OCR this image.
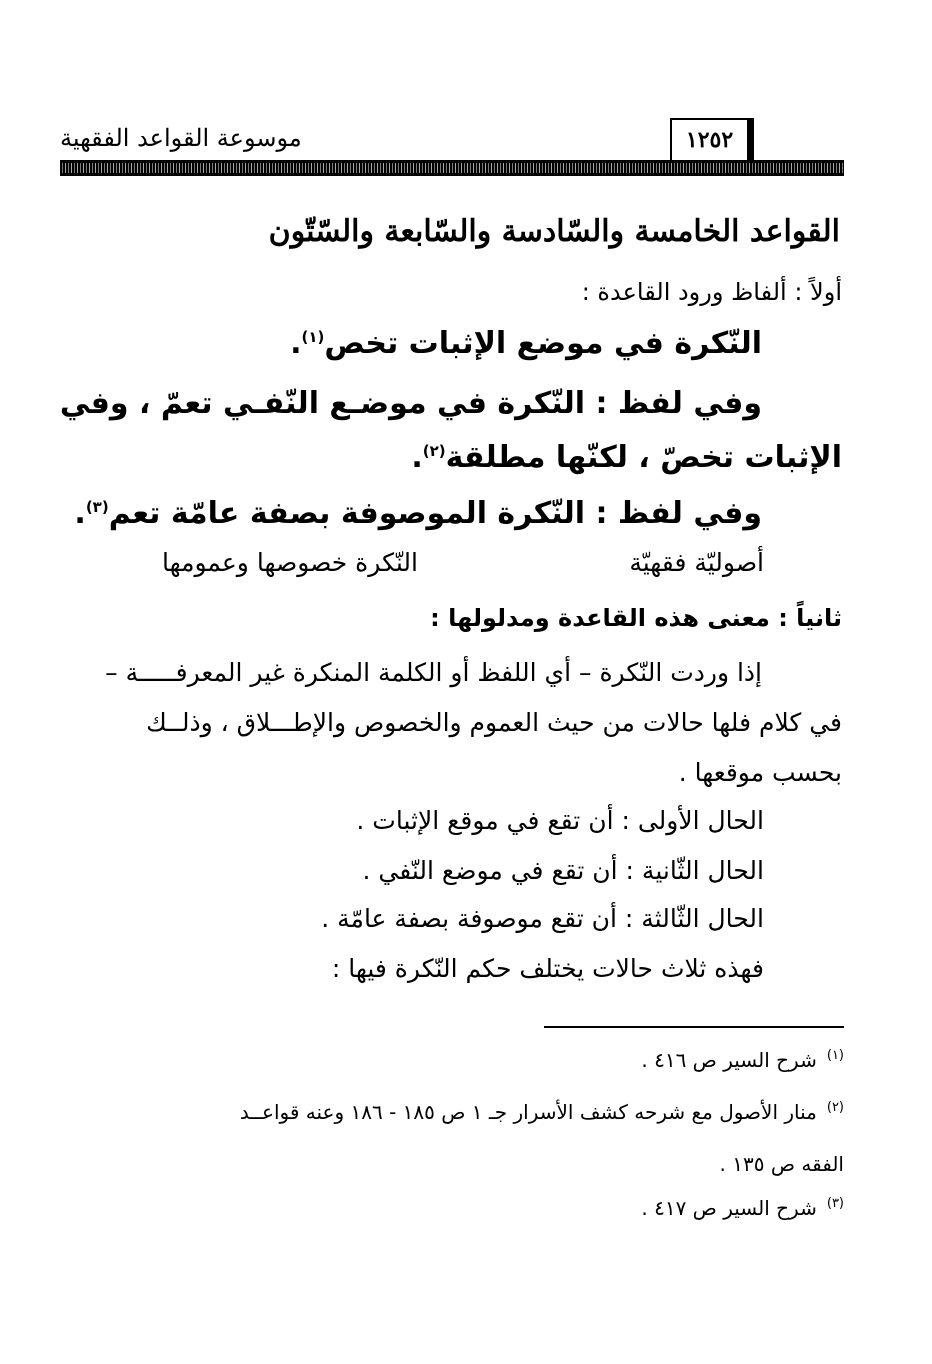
موسوعة القواعد الفقهية	١٢٥٢
القواعد الخامسة والسّادسة والسّابعة والسّتّون
أولاً : ألفاظ ورود القاعدة :
النّكرة في موضع الإثبات تخص$^{(١)}$.
وفي لفظ : النّكرة في موضـع النّفـي تعمّ ، وفي
الإثبات تخصّ ، لكنّها مطلقة$^{(٢)}$.
وفي لفظ : النّكرة الموصوفة بصفة عامّة تعم$^{(٣)}$.
أصوليّة فقهيّة
النّكرة خصوصها وعمومها
ثانياً : معنى هذه القاعدة ومدلولها :
إذا وردت النّكرة – أي اللفظ أو الكلمة المنكرة غير المعرفـــــة –
في كلام فلها حالات من حيث العموم والخصوص والإطـــلاق ، وذلــك
بحسب موقعها .
الحال الأولى : أن تقع في موقع الإثبات .
الحال الثّانية : أن تقع في موضع النّفي .
الحال الثّالثة : أن تقع موصوفة بصفة عامّة .
فهذه ثلاث حالات يختلف حكم النّكرة فيها :
$^{(١)}$شرح السير ص ٤١٦ .
$^{(٢)}$منار الأصول مع شرحه كشف الأسرار جـ ١ ص ١٨٥ - ١٨٦ وعنه قواعــد
الفقه ص ١٣٥ .
$^{(٣)}$شرح السير ص ٤١٧ .
